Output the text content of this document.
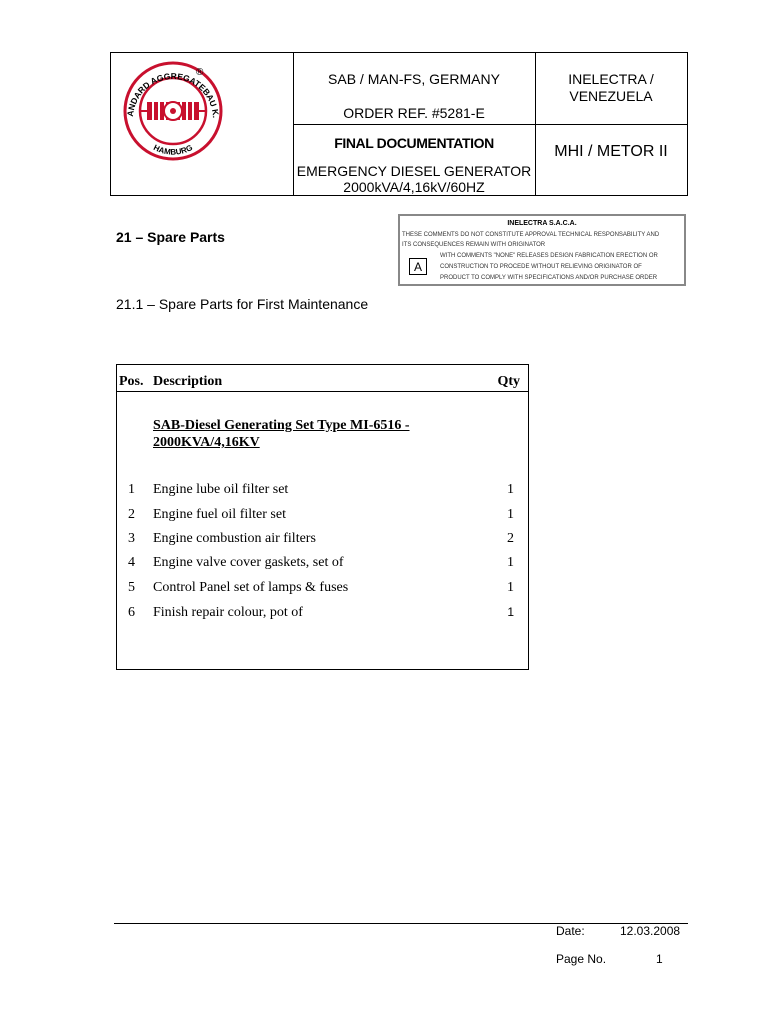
ANDARD AGGREGATEBAU K.
HAMBURG
®	SAB / MAN-FS, GERMANY
ORDER REF. #5281-E
INELECTRA /
VENEZUELA
FINAL DOCUMENTATION
EMERGENCY DIESEL GENERATOR
2000kVA/4,16kV/60HZ
MHI / METOR II
INELECTRA S.A.C.A.
THESE COMMENTS DO NOT CONSTITUTE APPROVAL TECHNICAL RESPONSABILITY AND
ITS CONSEQUENCES REMAIN WITH ORIGINATOR
WITH COMMENTS "NONE" RELEASES DESIGN FABRICATION ERECTION OR
CONSTRUCTION TO PROCEDE WITHOUT RELIEVING ORIGINATOR OF
PRODUCT TO COMPLY WITH SPECIFICATIONS AND/OR PURCHASE ORDER
A
21 – Spare Parts
21.1 – Spare Parts for First Maintenance
Pos. Description	Qty
SAB-Diesel Generating Set Type MI-6516 -
2000KVA/4,16KV
1 Engine lube oil filter set	1
2 Engine fuel oil filter set	1
3 Engine combustion air filters	2
4 Engine valve cover gaskets, set of	1
5 Control Panel set of lamps & fuses	1
6 Finish repair colour, pot of	1
Date:	12.03.2008
Page No.	1
